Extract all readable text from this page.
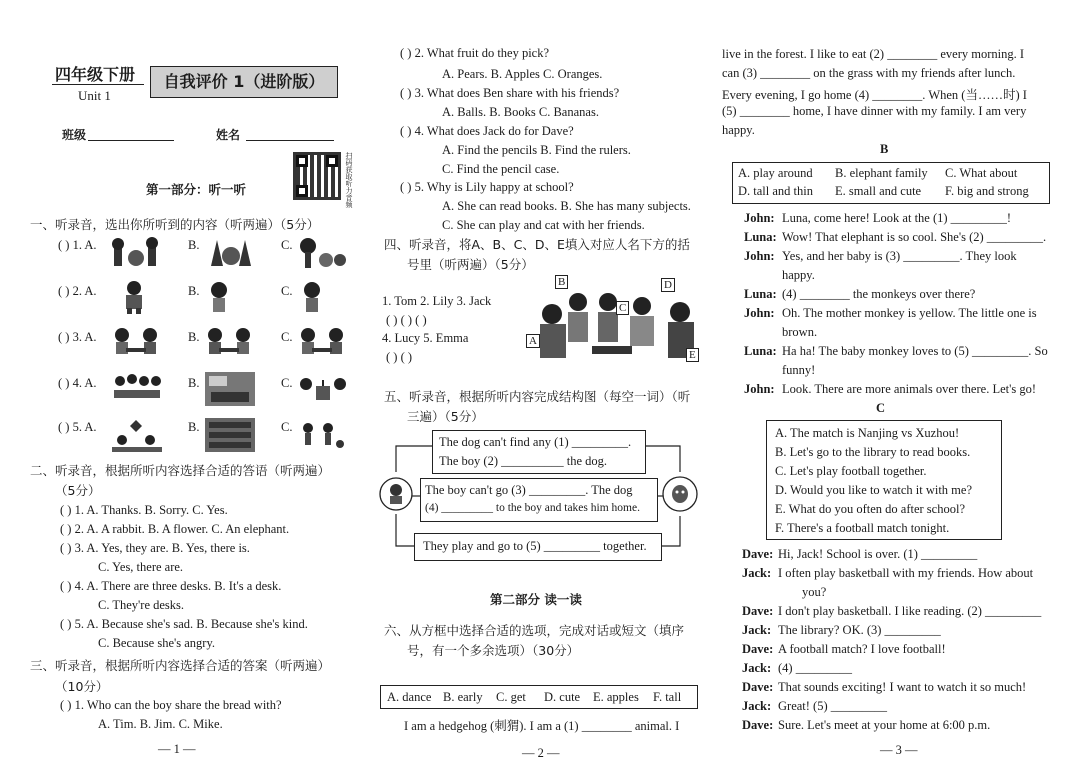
四年级下册
Unit 1
自我评价 1（进阶版）
班级	姓名
扫码获取听力音频
第一部分：听一听
一、听录音，选出你所听到的内容（听两遍）（5分）
( ) 1. A.	B.	C.
( ) 2. A.	B.	C.
( ) 3. A.	B.	C.
( ) 4. A.	B.	C.
( ) 5. A.	B.	C.
二、听录音，根据所听内容选择合适的答语（听两遍）
（5分）
( ) 1. A. Thanks. B. Sorry. C. Yes.
( ) 2. A. A rabbit. B. A flower. C. An elephant.
( ) 3. A. Yes, they are. B. Yes, there is.
C. Yes, there are.
( ) 4. A. There are three desks. B. It's a desk.
C. They're desks.
( ) 5. A. Because she's sad. B. Because she's kind.
C. Because she's angry.
三、听录音，根据所听内容选择合适的答案（听两遍）
（10分）
( ) 1. Who can the boy share the bread with?
A. Tim. B. Jim. C. Mike.
— 1 —
( ) 2. What fruit do they pick?
A. Pears. B. Apples C. Oranges.
( ) 3. What does Ben share with his friends?
A. Balls. B. Books C. Bananas.
( ) 4. What does Jack do for Dave?
A. Find the pencils B. Find the rulers.
C. Find the pencil case.
( ) 5. Why is Lily happy at school?
A. She can read books. B. She has many subjects.
C. She can play and cat with her friends.
四、听录音，将A、B、C、D、E填入对应人名下方的括
号里（听两遍）（5分）
1. Tom 2. Lily 3. Jack
( ) ( ) ( )
4. Lucy 5. Emma
( ) ( )
B
C
D
A
E
五、听录音，根据所听内容完成结构图（每空一词）（听
三遍）（5分）
The dog can't find any (1) _________.
The boy (2) __________ the dog.
The boy can't go (3) _________. The dog
(4) _________ to the boy and takes him home.
They play and go to (5) _________ together.
第二部分 读一读
六、从方框中选择合适的选项，完成对话或短文（填序
号，有一个多余选项）（30分）
A. dance B. early C. get D. cute E. apples F. tall
I am a hedgehog (刺猬). I am a (1) ________ animal. I
— 2 —
live in the forest. I like to eat (2) ________ every morning. I
can (3) ________ on the grass with my friends after lunch.
Every evening, I go home (4) ________. When (当……时) I
(5) ________ home, I have dinner with my family. I am very
happy.
B
A. play around B. elephant family C. What about
D. tall and thin E. small and cute F. big and strong
John: Luna, come here! Look at the (1) _________!
Luna: Wow! That elephant is so cool. She's (2) _________.
John: Yes, and her baby is (3) _________. They look
happy.
Luna: (4) ________ the monkeys over there?
John: Oh. The mother monkey is yellow. The little one is
brown.
Luna: Ha ha! The baby monkey loves to (5) _________. So
funny!
John: Look. There are more animals over there. Let's go!
C
A. The match is Nanjing vs Xuzhou!
B. Let's go to the library to read books.
C. Let's play football together.
D. Would you like to watch it with me?
E. What do you often do after school?
F. There's a football match tonight.
Dave: Hi, Jack! School is over. (1) _________
Jack: I often play basketball with my friends. How about
you?
Dave: I don't play basketball. I like reading. (2) _________
Jack: The library? OK. (3) _________
Dave: A football match? I love football!
Jack: (4) _________
Dave: That sounds exciting! I want to watch it so much!
Jack: Great! (5) _________
Dave: Sure. Let's meet at your home at 6:00 p.m.
— 3 —
